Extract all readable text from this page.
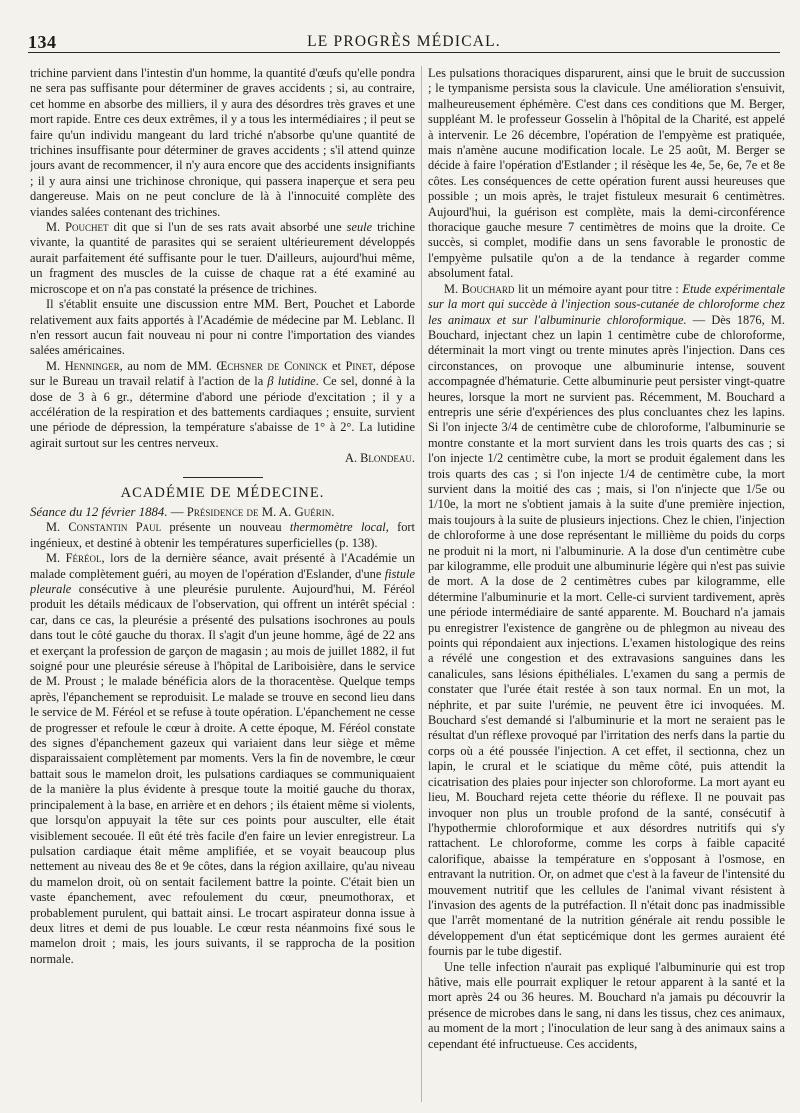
134	LE PROGRÈS MÉDICAL.

trichine parvient dans l'intestin d'un homme, la quantité d'œufs qu'elle pondra ne sera pas suffisante pour déterminer de graves accidents ; si, au contraire, cet homme en absorbe des milliers, il y aura des désordres très graves et une mort rapide. Entre ces deux extrêmes, il y a tous les intermédiaires ; il peut se faire qu'un individu mangeant du lard triché n'absorbe qu'une quantité de trichines insuffisante pour déterminer de graves accidents ; s'il attend quinze jours avant de recommencer, il n'y aura encore que des accidents insignifiants ; il y aura ainsi une trichinose chronique, qui passera inaperçue et sera peu dangereuse. Mais on ne peut conclure de là à l'innocuité complète des viandes salées contenant des trichines.

M. Pouchet dit que si l'un de ses rats avait absorbé une seule trichine vivante, la quantité de parasites qui se seraient ultérieurement développés aurait parfaitement été suffisante pour le tuer. D'ailleurs, aujourd'hui même, un fragment des muscles de la cuisse de chaque rat a été examiné au microscope et on n'a pas constaté la présence de trichines.

Il s'établit ensuite une discussion entre MM. Bert, Pouchet et Laborde relativement aux faits apportés à l'Académie de médecine par M. Leblanc. Il n'en ressort aucun fait nouveau ni pour ni contre l'importation des viandes salées américaines.

M. Henninger, au nom de MM. Œchsner de Coninck et Pinet, dépose sur le Bureau un travail relatif à l'action de la β lutidine. Ce sel, donné à la dose de 3 à 6 gr., détermine d'abord une période d'excitation ; il y a accélération de la respiration et des battements cardiaques ; ensuite, survient une période de dépression, la température s'abaisse de 1° à 2°. La lutidine agirait surtout sur les centres nerveux.

A. Blondeau.

ACADÉMIE DE MÉDECINE.

Séance du 12 février 1884. — Présidence de M. A. Guérin.

M. Constantin Paul présente un nouveau thermomètre local, fort ingénieux, et destiné à obtenir les températures superficielles (p. 138).

M. Féréol, lors de la dernière séance, avait présenté à l'Académie un malade complètement guéri, au moyen de l'opération d'Eslander, d'une fistule pleurale consécutive à une pleurésie purulente. Aujourd'hui, M. Féréol produit les détails médicaux de l'observation, qui offrent un intérêt spécial : car, dans ce cas, la pleurésie a présenté des pulsations isochrones au pouls dans tout le côté gauche du thorax. Il s'agit d'un jeune homme, âgé de 22 ans et exerçant la profession de garçon de magasin ; au mois de juillet 1882, il fut soigné pour une pleurésie séreuse à l'hôpital de Lariboisière, dans le service de M. Proust ; le malade bénéficia alors de la thoracentèse. Quelque temps après, l'épanchement se reproduisit. Le malade se trouve en second lieu dans le service de M. Féréol et se refuse à toute opération. L'épanchement ne cesse de progresser et refoule le cœur à droite. A cette époque, M. Féréol constate des signes d'épanchement gazeux qui variaient dans leur siège et même disparaissaient complètement par moments. Vers la fin de novembre, le cœur battait sous le mamelon droit, les pulsations cardiaques se communiquaient de la manière la plus évidente à presque toute la moitié gauche du thorax, principalement à la base, en arrière et en dehors ; ils étaient même si violents, que lorsqu'on appuyait la tête sur ces points pour ausculter, elle était visiblement secouée. Il eût été très facile d'en faire un levier enregistreur. La pulsation cardiaque était même amplifiée, et se voyait beaucoup plus nettement au niveau des 8e et 9e côtes, dans la région axillaire, qu'au niveau du mamelon droit, où on sentait facilement battre la pointe. C'était bien un vaste épanchement, avec refoulement du cœur, pneumothorax, et probablement purulent, qui battait ainsi. Le trocart aspirateur donna issue à deux litres et demi de pus louable. Le cœur resta néanmoins fixé sous le mamelon droit ; mais, les jours suivants, il se rapprocha de la position normale.

Les pulsations thoraciques disparurent, ainsi que le bruit de succussion ; le tympanisme persista sous la clavicule. Une amélioration s'ensuivit, malheureusement éphémère. C'est dans ces conditions que M. Berger, suppléant M. le professeur Gosselin à l'hôpital de la Charité, est appelé à intervenir. Le 26 décembre, l'opération de l'empyème est pratiquée, mais n'amène aucune modification locale. Le 25 août, M. Berger se décide à faire l'opération d'Estlander ; il résèque les 4e, 5e, 6e, 7e et 8e côtes. Les conséquences de cette opération furent aussi heureuses que possible ; un mois après, le trajet fistuleux mesurait 6 centimètres. Aujourd'hui, la guérison est complète, mais la demi-circonférence thoracique gauche mesure 7 centimètres de moins que la droite. Ce succès, si complet, modifie dans un sens favorable le pronostic de l'empyème pulsatile qu'on a de la tendance à regarder comme absolument fatal.

M. Bouchard lit un mémoire ayant pour titre : Etude expérimentale sur la mort qui succède à l'injection sous-cutanée de chloroforme chez les animaux et sur l'albuminurie chloroformique. — Dès 1876, M. Bouchard, injectant chez un lapin 1 centimètre cube de chloroforme, déterminait la mort vingt ou trente minutes après l'injection. Dans ces circonstances, on provoque une albuminurie intense, souvent accompagnée d'hématurie. Cette albuminurie peut persister vingt-quatre heures, lorsque la mort ne survient pas. Récemment, M. Bouchard a entrepris une série d'expériences des plus concluantes chez les lapins. Si l'on injecte 3/4 de centimètre cube de chloroforme, l'albuminurie se montre constante et la mort survient dans les trois quarts des cas ; si l'on injecte 1/2 centimètre cube, la mort se produit également dans les trois quarts des cas ; si l'on injecte 1/4 de centimètre cube, la mort survient dans la moitié des cas ; mais, si l'on n'injecte que 1/5e ou 1/10e, la mort ne s'obtient jamais à la suite d'une première injection, mais toujours à la suite de plusieurs injections. Chez le chien, l'injection de chloroforme à une dose représentant le millième du poids du corps ne produit ni la mort, ni l'albuminurie. A la dose d'un centimètre cube par kilogramme, elle produit une albuminurie légère qui n'est pas suivie de mort. A la dose de 2 centimètres cubes par kilogramme, elle détermine l'albuminurie et la mort. Celle-ci survient tardivement, après une période intermédiaire de santé apparente. M. Bouchard n'a jamais pu enregistrer l'existence de gangrène ou de phlegmon au niveau des points qui répondaient aux injections. L'examen histologique des reins a révélé une congestion et des extravasions sanguines dans les canalicules, sans lésions épithéliales. L'examen du sang a permis de constater que l'urée était restée à son taux normal. En un mot, la néphrite, et par suite l'urémie, ne peuvent être ici invoquées. M. Bouchard s'est demandé si l'albuminurie et la mort ne seraient pas le résultat d'un réflexe provoqué par l'irritation des nerfs dans la partie du corps où a été poussée l'injection. A cet effet, il sectionna, chez un lapin, le crural et le sciatique du même côté, puis attendit la cicatrisation des plaies pour injecter son chloroforme. La mort ayant eu lieu, M. Bouchard rejeta cette théorie du réflexe. Il ne pouvait pas invoquer non plus un trouble profond de la santé, consécutif à l'hypothermie chloroformique et aux désordres nutritifs qui s'y rattachent. Le chloroforme, comme les corps à faible capacité calorifique, abaisse la température en s'opposant à l'osmose, en entravant la nutrition. Or, on admet que c'est à la faveur de l'intensité du mouvement nutritif que les cellules de l'animal vivant résistent à l'invasion des agents de la putréfaction. Il n'était donc pas inadmissible que l'arrêt momentané de la nutrition générale ait rendu possible le développement d'un état septicémique dont les germes auraient été fournis par le tube digestif.

Une telle infection n'aurait pas expliqué l'albuminurie qui est trop hâtive, mais elle pourrait expliquer le retour apparent à la santé et la mort après 24 ou 36 heures. M. Bouchard n'a jamais pu découvrir la présence de microbes dans le sang, ni dans les tissus, chez ces animaux, au moment de la mort ; l'inoculation de leur sang à des animaux sains a cependant été infructueuse. Ces accidents,
